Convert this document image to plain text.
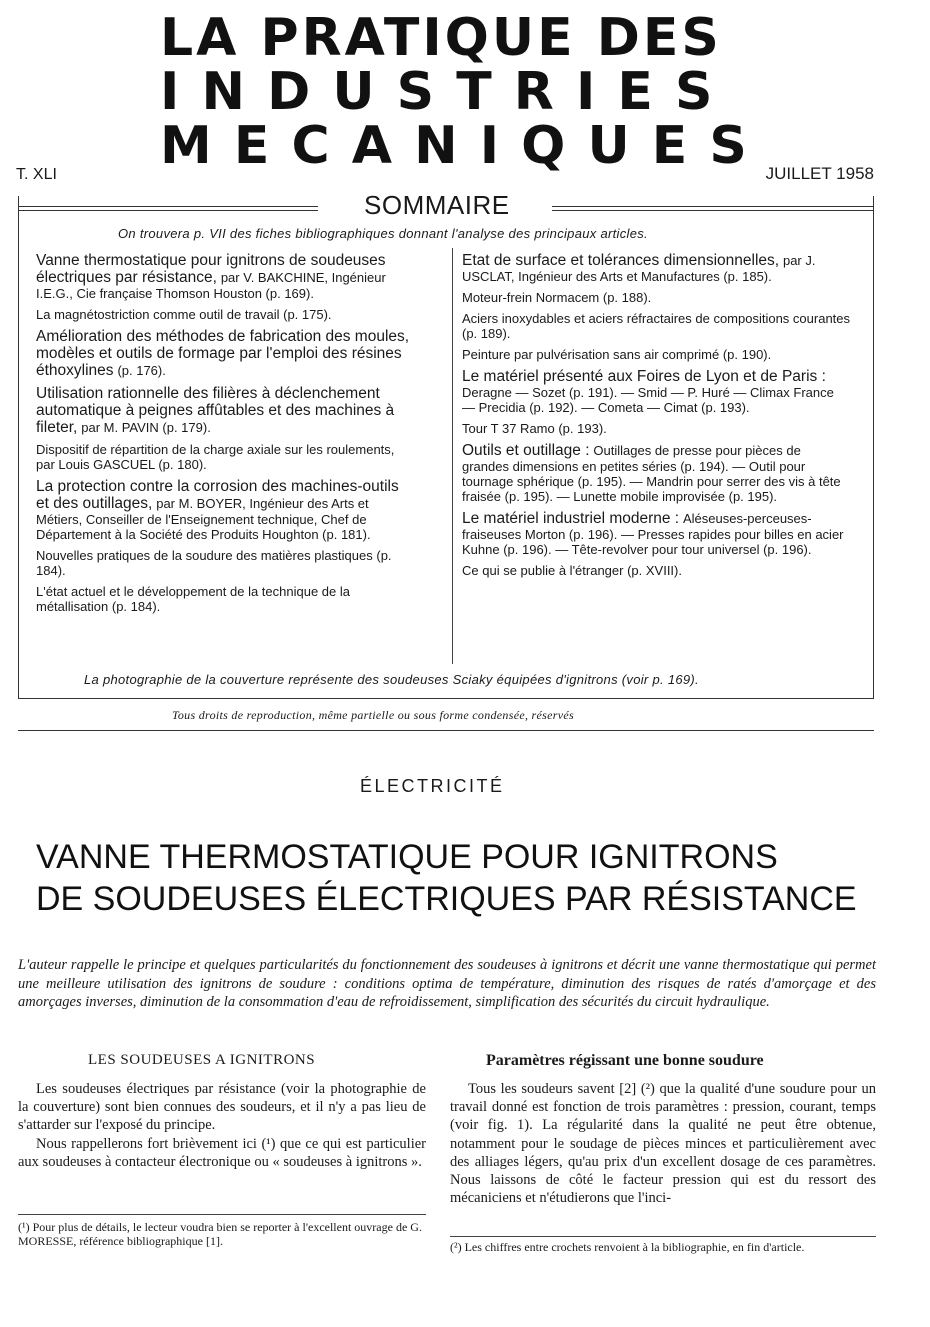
LA PRATIQUE DES
I N D U S T R I E S
M E C A N I Q U E S
T. XLI	JUILLET 1958
SOMMAIRE
On trouvera p. VII des fiches bibliographiques donnant l'analyse des principaux articles.
Vanne thermostatique pour ignitrons de soudeuses électriques par résistance, par V. BAKCHINE, Ingénieur I.E.G., Cie française Thomson Houston (p. 169).
La magnétostriction comme outil de travail (p. 175).
Amélioration des méthodes de fabrication des moules, modèles et outils de formage par l'emploi des résines éthoxylines (p. 176).
Utilisation rationnelle des filières à déclenchement automatique à peignes affûtables et des machines à fileter, par M. PAVIN (p. 179).
Dispositif de répartition de la charge axiale sur les roulements, par Louis GASCUEL (p. 180).
La protection contre la corrosion des machines-outils et des outillages, par M. BOYER, Ingénieur des Arts et Métiers, Conseiller de l'Enseignement technique, Chef de Département à la Société des Produits Houghton (p. 181).
Nouvelles pratiques de la soudure des matières plastiques (p. 184).
L'état actuel et le développement de la technique de la métallisation (p. 184).
Etat de surface et tolérances dimensionnelles, par J. USCLAT, Ingénieur des Arts et Manufactures (p. 185).
Moteur-frein Normacem (p. 188).
Aciers inoxydables et aciers réfractaires de compositions courantes (p. 189).
Peinture par pulvérisation sans air comprimé (p. 190).
Le matériel présenté aux Foires de Lyon et de Paris : Deragne — Sozet (p. 191). — Smid — P. Huré — Climax France — Precidia (p. 192). — Cometa — Cimat (p. 193).
Tour T 37 Ramo (p. 193).
Outils et outillage : Outillages de presse pour pièces de grandes dimensions en petites séries (p. 194). — Outil pour tournage sphérique (p. 195). — Mandrin pour serrer des vis à tête fraisée (p. 195). — Lunette mobile improvisée (p. 195).
Le matériel industriel moderne : Aléseuses-perceuses-fraiseuses Morton (p. 196). — Presses rapides pour billes en acier Kuhne (p. 196). — Tête-revolver pour tour universel (p. 196).
Ce qui se publie à l'étranger (p. XVIII).
La photographie de la couverture représente des soudeuses Sciaky équipées d'ignitrons (voir p. 169).
Tous droits de reproduction, même partielle ou sous forme condensée, réservés
ÉLECTRICITÉ
VANNE THERMOSTATIQUE POUR IGNITRONS
DE SOUDEUSES ÉLECTRIQUES PAR RÉSISTANCE
L'auteur rappelle le principe et quelques particularités du fonctionnement des soudeuses à ignitrons et décrit une vanne thermostatique qui permet une meilleure utilisation des ignitrons de soudure : conditions optima de température, diminution des risques de ratés d'amorçage et des amorçages inverses, diminution de la consommation d'eau de refroidissement, simplification des sécurités du circuit hydraulique.
LES SOUDEUSES A IGNITRONS	Paramètres régissant une bonne soudure

Les soudeuses électriques par résistance (voir la photographie de la couverture) sont bien connues des soudeurs, et il n'y a pas lieu de s'attarder sur l'exposé du principe.

Nous rappellerons fort brièvement ici (¹) que ce qui est particulier aux soudeuses à contacteur électronique ou « soudeuses à ignitrons ».

(¹) Pour plus de détails, le lecteur voudra bien se reporter à l'excellent ouvrage de G. MORESSE, référence bibliographique [1].

Tous les soudeurs savent [2] (²) que la qualité d'une soudure pour un travail donné est fonction de trois paramètres : pression, courant, temps (voir fig. 1). La régularité dans la qualité ne peut être obtenue, notamment pour le soudage de pièces minces et particulièrement avec des alliages légers, qu'au prix d'un excellent dosage de ces paramètres. Nous laissons de côté le facteur pression qui est du ressort des mécaniciens et n'étudierons que l'inci-

(²) Les chiffres entre crochets renvoient à la bibliographie, en fin d'article.
